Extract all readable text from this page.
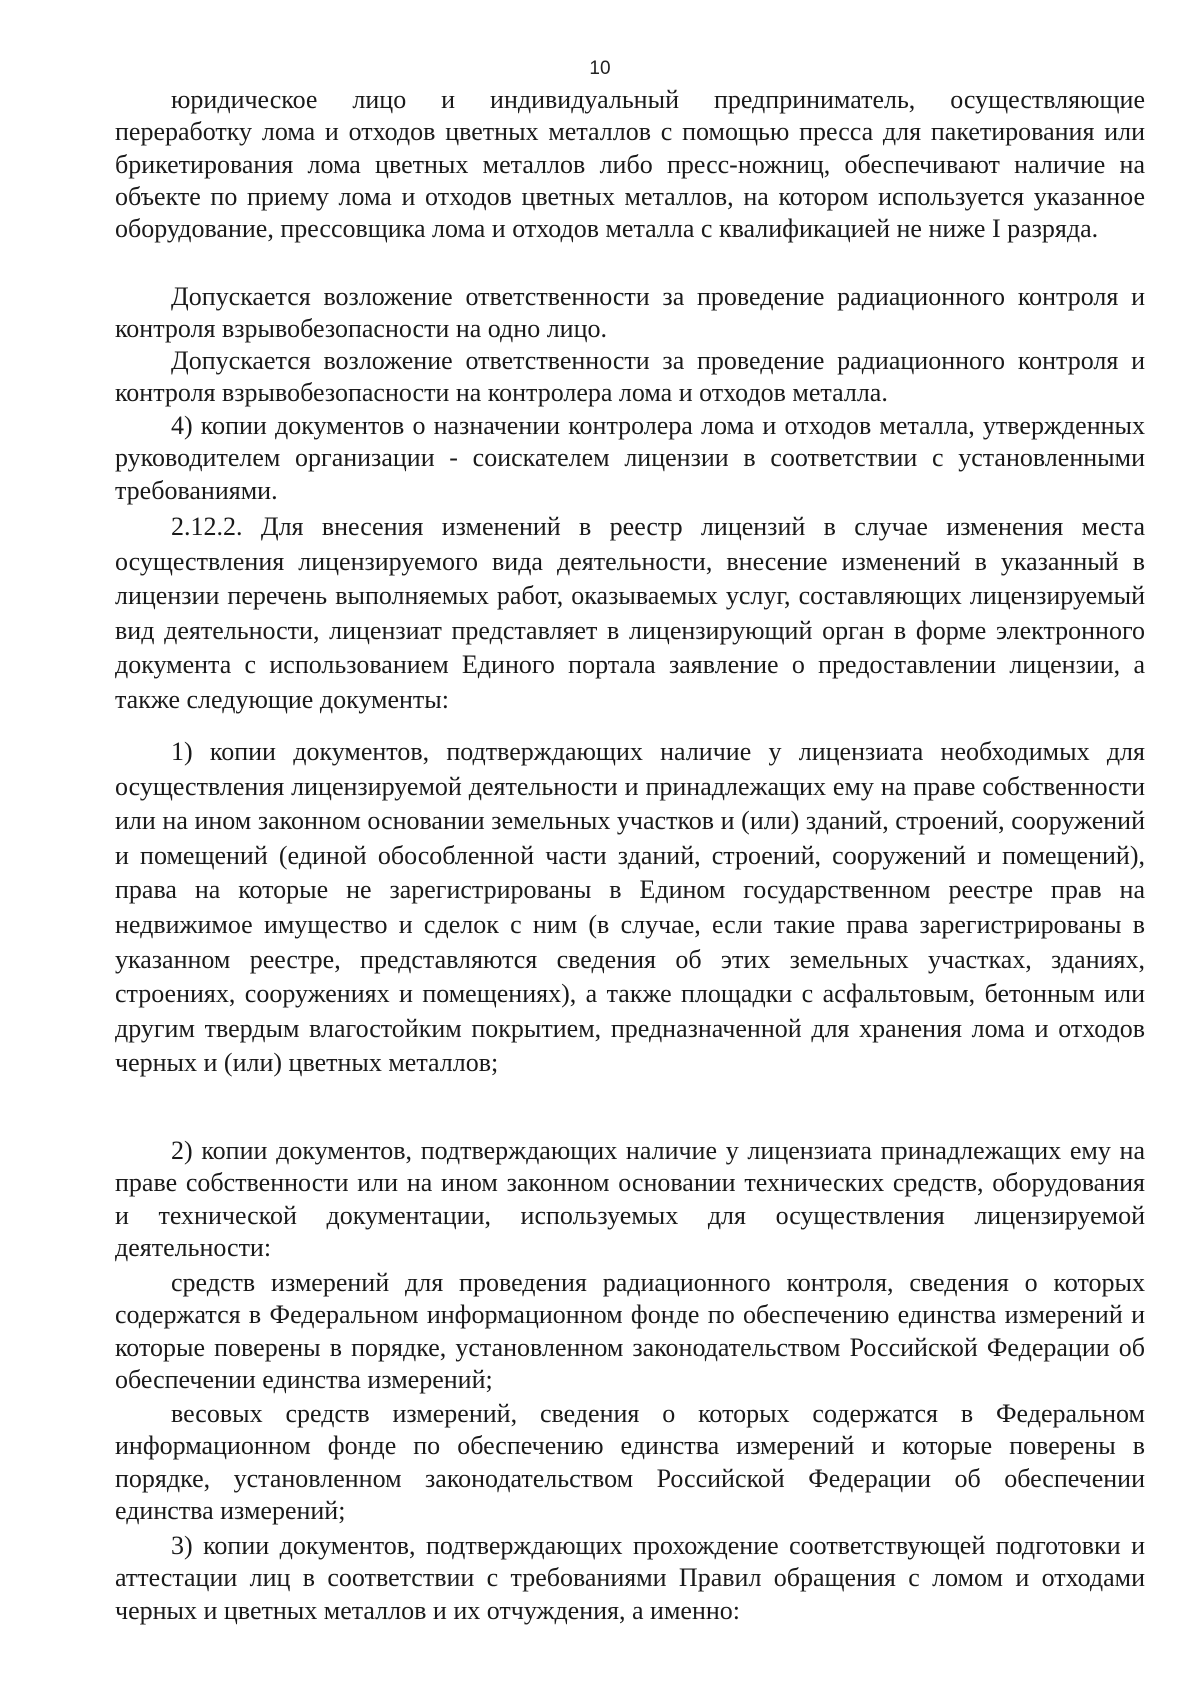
10

юридическое лицо и индивидуальный предприниматель, осуществляющие переработку лома и отходов цветных металлов с помощью пресса для пакетирования или брикетирования лома цветных металлов либо пресс-ножниц, обеспечивают наличие на объекте по приему лома и отходов цветных металлов, на котором используется указанное оборудование, прессовщика лома и отходов металла с квалификацией не ниже I разряда.

Допускается возложение ответственности за проведение радиационного контроля и контроля взрывобезопасности на одно лицо.

Допускается возложение ответственности за проведение радиационного контроля и контроля взрывобезопасности на контролера лома и отходов металла.

4) копии документов о назначении контролера лома и отходов металла, утвержденных руководителем организации - соискателем лицензии в соответствии с установленными требованиями.

2.12.2. Для внесения изменений в реестр лицензий в случае изменения места осуществления лицензируемого вида деятельности, внесение изменений в указанный в лицензии перечень выполняемых работ, оказываемых услуг, составляющих лицензируемый вид деятельности, лицензиат представляет в лицензирующий орган в форме электронного документа с использованием Единого портала заявление о предоставлении лицензии, а также следующие документы:

1) копии документов, подтверждающих наличие у лицензиата необходимых для осуществления лицензируемой деятельности и принадлежащих ему на праве собственности или на ином законном основании земельных участков и (или) зданий, строений, сооружений и помещений (единой обособленной части зданий, строений, сооружений и помещений), права на которые не зарегистрированы в Едином государственном реестре прав на недвижимое имущество и сделок с ним (в случае, если такие права зарегистрированы в указанном реестре, представляются сведения об этих земельных участках, зданиях, строениях, сооружениях и помещениях), а также площадки с асфальтовым, бетонным или другим твердым влагостойким покрытием, предназначенной для хранения лома и отходов черных и (или) цветных металлов;

2) копии документов, подтверждающих наличие у лицензиата принадлежащих ему на праве собственности или на ином законном основании технических средств, оборудования и технической документации, используемых для осуществления лицензируемой деятельности:

средств измерений для проведения радиационного контроля, сведения о которых содержатся в Федеральном информационном фонде по обеспечению единства измерений и которые поверены в порядке, установленном законодательством Российской Федерации об обеспечении единства измерений;

весовых средств измерений, сведения о которых содержатся в Федеральном информационном фонде по обеспечению единства измерений и которые поверены в порядке, установленном законодательством Российской Федерации об обеспечении единства измерений;

3) копии документов, подтверждающих прохождение соответствующей подготовки и аттестации лиц в соответствии с требованиями Правил обращения с ломом и отходами черных и цветных металлов и их отчуждения, а именно:
